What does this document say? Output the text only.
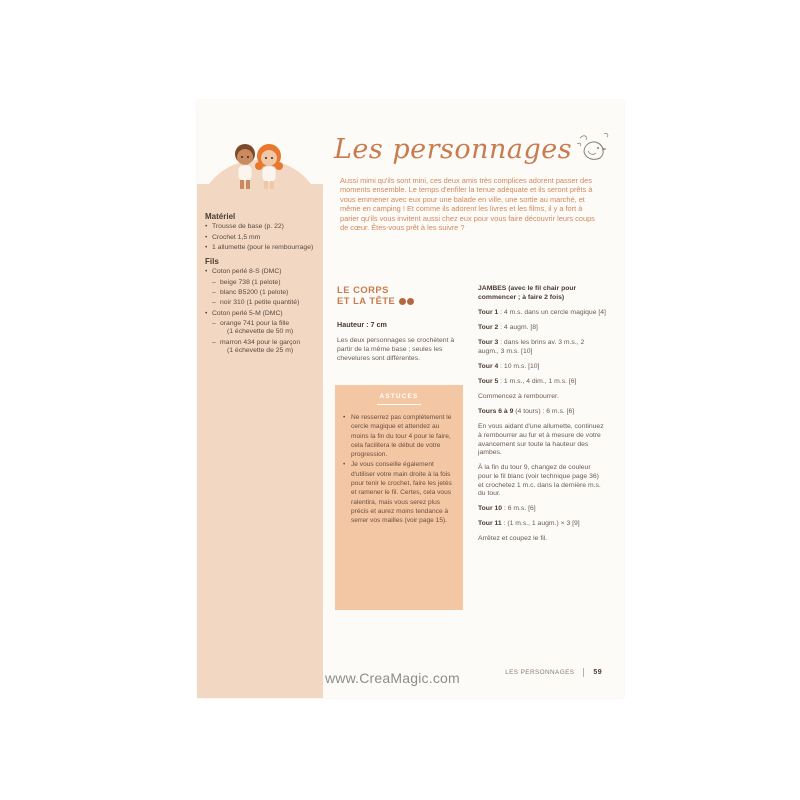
Matériel
• Trousse de base (p. 22)
• Crochet 1,5 mm
• 1 allumette (pour le rembourrage)
Fils
• Coton perlé 8-S (DMC)
– beige 738 (1 pelote)
– blanc B5200 (1 pelote)
– noir 310 (1 petite quantité)
• Coton perlé 5-M (DMC)
– orange 741 pour la fille
(1 échevette de 50 m)
– marron 434 pour le garçon
(1 échevette de 25 m)
Les personnages

Aussi mimi qu'ils sont mini, ces deux amis très complices adorent passer des moments ensemble. Le temps d'enfiler la tenue adéquate et ils seront prêts à vous emmener avec eux pour une balade en ville, une sortie au marché, et même en camping ! Et comme ils adorent les livres et les films, il y a fort à parier qu'ils vous invitent aussi chez eux pour vous faire découvrir leurs coups de cœur. Êtes-vous prêt à les suivre ?

LE CORPS
ET LA TÊTE
Hauteur : 7 cm

Les deux personnages se crochètent à partir de la même base ; seules les chevelures sont différentes.

ASTUCES
• Ne resserrez pas complètement le cercle magique et attendez au moins la fin du tour 4 pour le faire, cela facilitera le début de votre progression.
• Je vous conseille également d'utiliser votre main droite à la fois pour tenir le crochet, faire les jetés et ramener le fil. Certes, cela vous ralentira, mais vous serez plus précis et aurez moins tendance à serrer vos mailles (voir page 15).

JAMBES (avec le fil chair pour commencer ; à faire 2 fois)

Tour 1 : 4 m.s. dans un cercle magique [4]

Tour 2 : 4 augm. [8]

Tour 3 : dans les brins av. 3 m.s., 2 augm., 3 m.s. [10]

Tour 4 : 10 m.s. [10]

Tour 5 : 1 m.s., 4 dim., 1 m.s. [6]

Commencez à rembourrer.

Tours 6 à 9 (4 tours) : 6 m.s. [6]

En vous aidant d'une allumette, continuez à rembourrer au fur et à mesure de votre avancement sur toute la hauteur des jambes.

À la fin du tour 9, changez de couleur pour le fil blanc (voir technique page 36) et crochetez 1 m.c. dans la dernière m.s. du tour.

Tour 10 : 6 m.s. [6]

Tour 11 : (1 m.s., 1 augm.) × 3 [9]

Arrêtez et coupez le fil.

LES PERSONNAGES	59
www.CreaMagic.com
